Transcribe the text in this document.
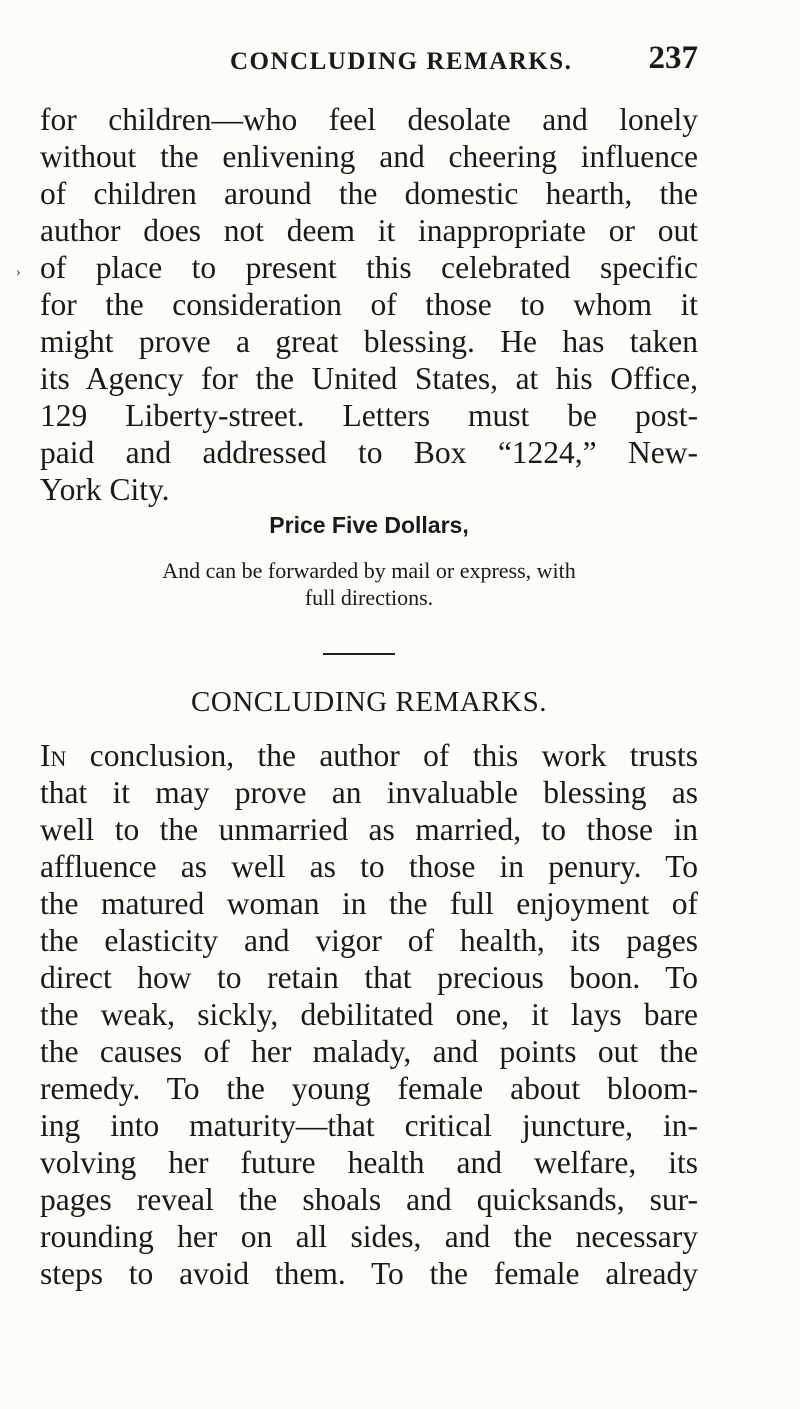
CONCLUDING REMARKS. 237
›
for children—who feel desolate and lonely
without the enlivening and cheering influence
of children around the domestic hearth, the
author does not deem it inappropriate or out
of place to present this celebrated specific
for the consideration of those to whom it
might prove a great blessing. He has taken
its Agency for the United States, at his Office,
129 Liberty-street. Letters must be post-
paid and addressed to Box “1224,” New-
York City.
Price Five Dollars,
And can be forwarded by mail or express, with
full directions.
CONCLUDING REMARKS.
In conclusion, the author of this work trusts
that it may prove an invaluable blessing as
well to the unmarried as married, to those in
affluence as well as to those in penury. To
the matured woman in the full enjoyment of
the elasticity and vigor of health, its pages
direct how to retain that precious boon. To
the weak, sickly, debilitated one, it lays bare
the causes of her malady, and points out the
remedy. To the young female about bloom-
ing into maturity—that critical juncture, in-
volving her future health and welfare, its
pages reveal the shoals and quicksands, sur-
rounding her on all sides, and the necessary
steps to avoid them. To the female already
